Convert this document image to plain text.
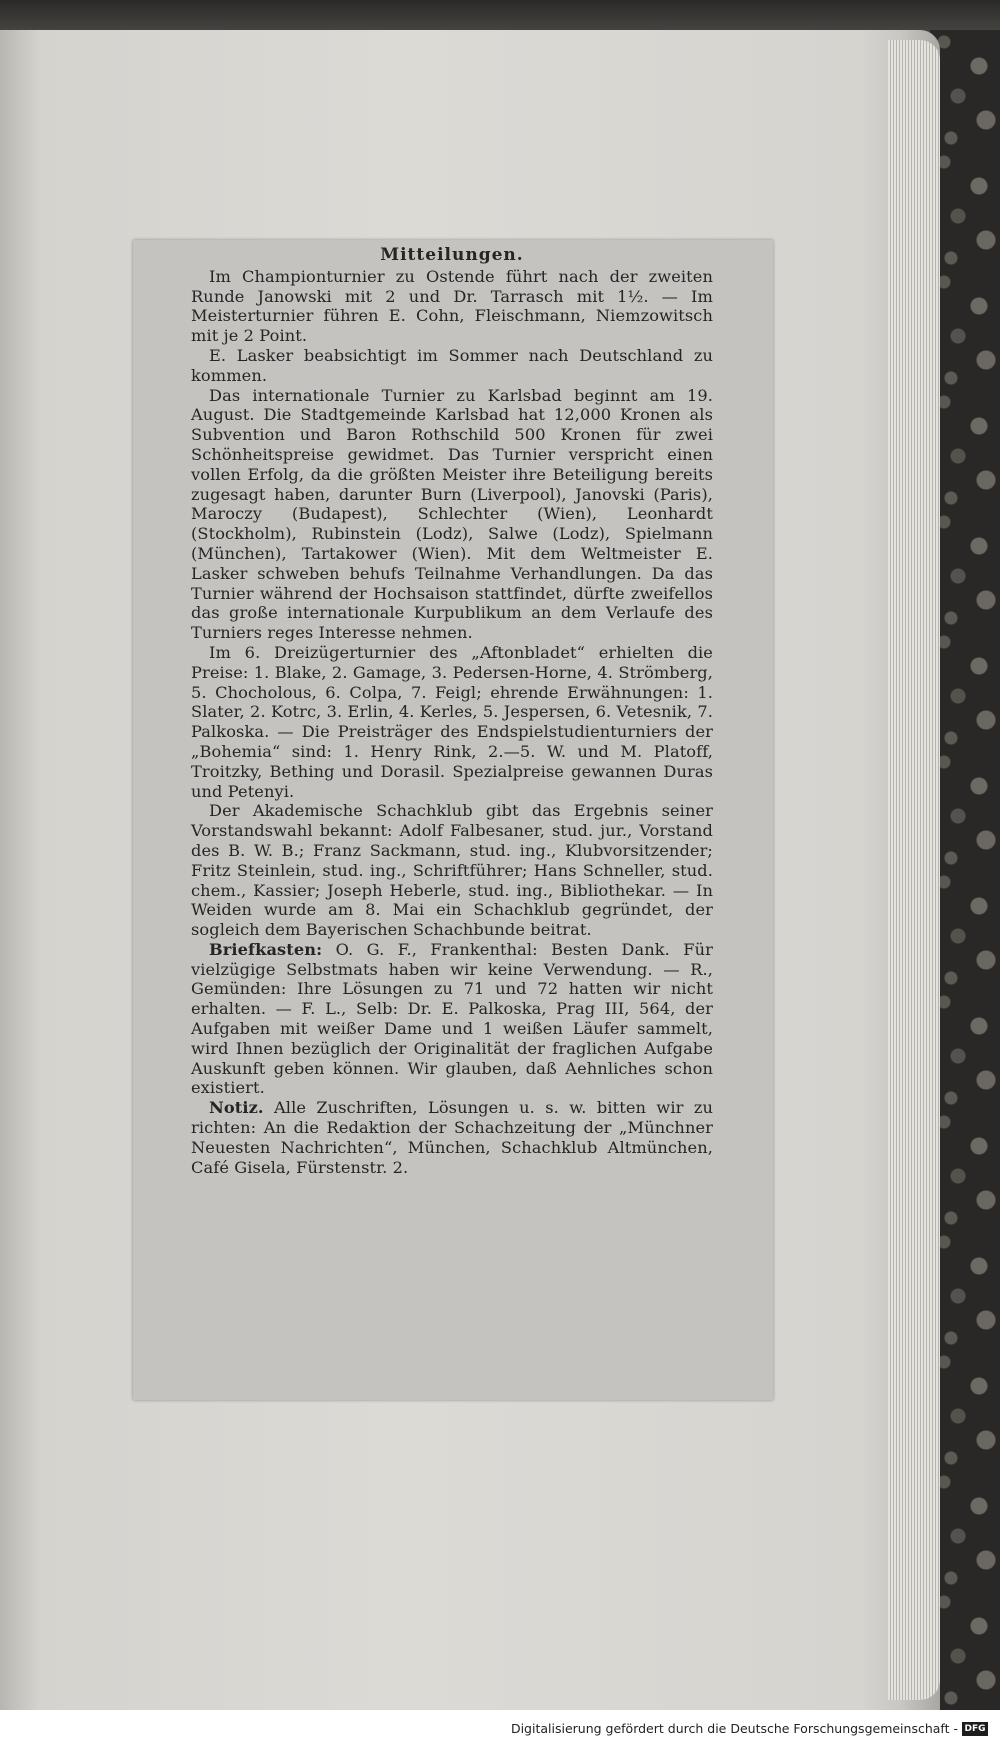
Mitteilungen.

Im Championturnier zu Ostende führt nach der zweiten Runde Janowski mit 2 und Dr. Tarrasch mit 1½. — Im Meisterturnier führen E. Cohn, Fleischmann, Niemzowitsch mit je 2 Point.

E. Lasker beabsichtigt im Sommer nach Deutschland zu kommen.

Das internationale Turnier zu Karlsbad beginnt am 19. August. Die Stadtgemeinde Karlsbad hat 12,000 Kronen als Subvention und Baron Rothschild 500 Kronen für zwei Schönheitspreise gewidmet. Das Turnier verspricht einen vollen Erfolg, da die größten Meister ihre Beteiligung bereits zugesagt haben, darunter Burn (Liverpool), Janovski (Paris), Maroczy (Budapest), Schlechter (Wien), Leonhardt (Stockholm), Rubinstein (Lodz), Salwe (Lodz), Spielmann (München), Tartakower (Wien). Mit dem Weltmeister E. Lasker schweben behufs Teilnahme Verhandlungen. Da das Turnier während der Hochsaison stattfindet, dürfte zweifellos das große internationale Kurpublikum an dem Verlaufe des Turniers reges Interesse nehmen.

Im 6. Dreizügerturnier des „Aftonbladet“ erhielten die Preise: 1. Blake, 2. Gamage, 3. Pedersen-Horne, 4. Strömberg, 5. Chocholous, 6. Colpa, 7. Feigl; ehrende Erwähnungen: 1. Slater, 2. Kotrc, 3. Erlin, 4. Kerles, 5. Jespersen, 6. Vetesnik, 7. Palkoska. — Die Preisträger des Endspielstudienturniers der „Bohemia“ sind: 1. Henry Rink, 2.—5. W. und M. Platoff, Troitzky, Bething und Dorasil. Spezialpreise gewannen Duras und Petenyi.

Der Akademische Schachklub gibt das Ergebnis seiner Vorstandswahl bekannt: Adolf Falbesaner, stud. jur., Vorstand des B. W. B.; Franz Sackmann, stud. ing., Klubvorsitzender; Fritz Steinlein, stud. ing., Schriftführer; Hans Schneller, stud. chem., Kassier; Joseph Heberle, stud. ing., Bibliothekar. — In Weiden wurde am 8. Mai ein Schachklub gegründet, der sogleich dem Bayerischen Schachbunde beitrat.

Briefkasten: O. G. F., Frankenthal: Besten Dank. Für vielzügige Selbstmats haben wir keine Verwendung. — R., Gemünden: Ihre Lösungen zu 71 und 72 hatten wir nicht erhalten. — F. L., Selb: Dr. E. Palkoska, Prag III, 564, der Aufgaben mit weißer Dame und 1 weißen Läufer sammelt, wird Ihnen bezüglich der Originalität der fraglichen Aufgabe Auskunft geben können. Wir glauben, daß Aehnliches schon existiert.

Notiz. Alle Zuschriften, Lösungen u. s. w. bitten wir zu richten: An die Redaktion der Schachzeitung der „Münchner Neuesten Nachrichten“, München, Schachklub Altmünchen, Café Gisela, Fürstenstr. 2.

Digitalisierung gefördert durch die Deutsche Forschungsgemeinschaft - DFG
